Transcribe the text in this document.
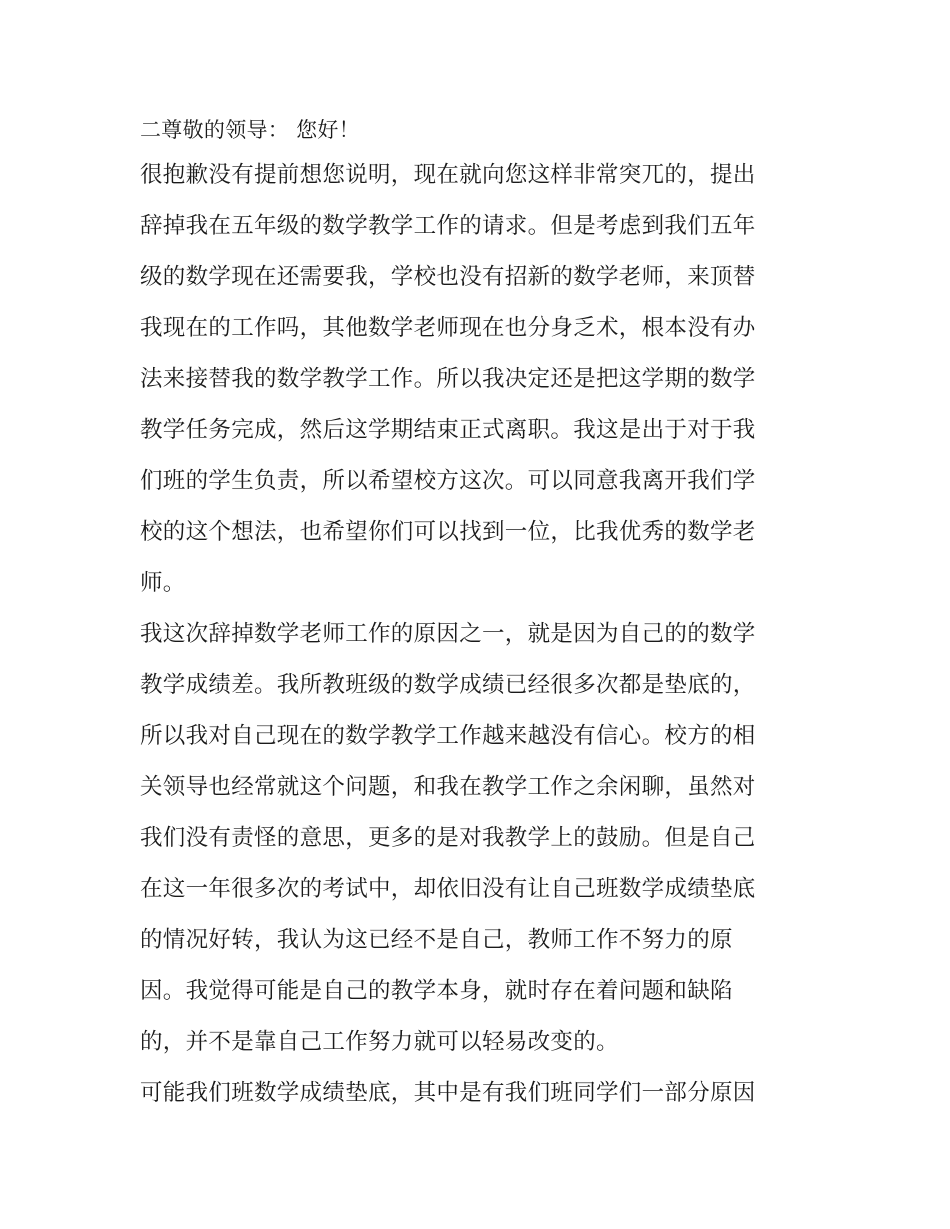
二尊敬的领导： 您好！
很抱歉没有提前想您说明，现在就向您这样非常突兀的，提出
辞掉我在五年级的数学教学工作的请求。但是考虑到我们五年
级的数学现在还需要我，学校也没有招新的数学老师，来顶替
我现在的工作吗，其他数学老师现在也分身乏术，根本没有办
法来接替我的数学教学工作。所以我决定还是把这学期的数学
教学任务完成，然后这学期结束正式离职。我这是出于对于我
们班的学生负责，所以希望校方这次。可以同意我离开我们学
校的这个想法，也希望你们可以找到一位，比我优秀的数学老
师。
我这次辞掉数学老师工作的原因之一，就是因为自己的的数学
教学成绩差。我所教班级的数学成绩已经很多次都是垫底的，
所以我对自己现在的数学教学工作越来越没有信心。校方的相
关领导也经常就这个问题，和我在教学工作之余闲聊，虽然对
我们没有责怪的意思，更多的是对我教学上的鼓励。但是自己
在这一年很多次的考试中，却依旧没有让自己班数学成绩垫底
的情况好转，我认为这已经不是自己，教师工作不努力的原
因。我觉得可能是自己的教学本身，就时存在着问题和缺陷
的，并不是靠自己工作努力就可以轻易改变的。
可能我们班数学成绩垫底，其中是有我们班同学们一部分原因
